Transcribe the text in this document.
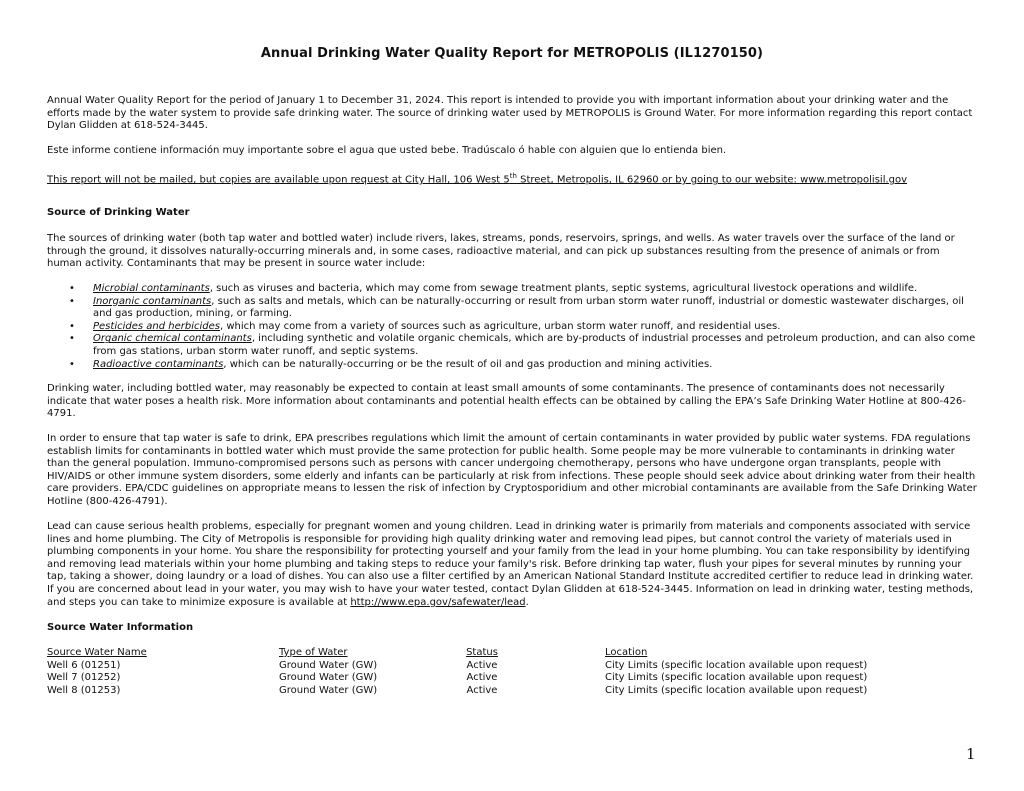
Annual Drinking Water Quality Report for METROPOLIS (IL1270150)
Annual Water Quality Report for the period of January 1 to December 31, 2024. This report is intended to provide you with important information about your drinking water and the efforts made by the water system to provide safe drinking water. The source of drinking water used by METROPOLIS is Ground Water. For more information regarding this report contact Dylan Glidden at 618-524-3445.
Este informe contiene información muy importante sobre el agua que usted bebe. Tradúscalo ó hable con alguien que lo entienda bien.
This report will not be mailed, but copies are available upon request at City Hall, 106 West 5th Street, Metropolis, IL 62960 or by going to our website: www.metropolisil.gov
Source of Drinking Water
The sources of drinking water (both tap water and bottled water) include rivers, lakes, streams, ponds, reservoirs, springs, and wells. As water travels over the surface of the land or through the ground, it dissolves naturally-occurring minerals and, in some cases, radioactive material, and can pick up substances resulting from the presence of animals or from human activity. Contaminants that may be present in source water include:
• Microbial contaminants, such as viruses and bacteria, which may come from sewage treatment plants, septic systems, agricultural livestock operations and wildlife.
• Inorganic contaminants, such as salts and metals, which can be naturally-occurring or result from urban storm water runoff, industrial or domestic wastewater discharges, oil and gas production, mining, or farming.
• Pesticides and herbicides, which may come from a variety of sources such as agriculture, urban storm water runoff, and residential uses.
• Organic chemical contaminants, including synthetic and volatile organic chemicals, which are by-products of industrial processes and petroleum production, and can also come from gas stations, urban storm water runoff, and septic systems.
• Radioactive contaminants, which can be naturally-occurring or be the result of oil and gas production and mining activities.
Drinking water, including bottled water, may reasonably be expected to contain at least small amounts of some contaminants. The presence of contaminants does not necessarily indicate that water poses a health risk. More information about contaminants and potential health effects can be obtained by calling the EPA’s Safe Drinking Water Hotline at 800-426-4791.
In order to ensure that tap water is safe to drink, EPA prescribes regulations which limit the amount of certain contaminants in water provided by public water systems. FDA regulations establish limits for contaminants in bottled water which must provide the same protection for public health. Some people may be more vulnerable to contaminants in drinking water than the general population. Immuno-compromised persons such as persons with cancer undergoing chemotherapy, persons who have undergone organ transplants, people with HIV/AIDS or other immune system disorders, some elderly and infants can be particularly at risk from infections. These people should seek advice about drinking water from their health care providers. EPA/CDC guidelines on appropriate means to lessen the risk of infection by Cryptosporidium and other microbial contaminants are available from the Safe Drinking Water Hotline (800-426-4791).
Lead can cause serious health problems, especially for pregnant women and young children. Lead in drinking water is primarily from materials and components associated with service lines and home plumbing. The City of Metropolis is responsible for providing high quality drinking water and removing lead pipes, but cannot control the variety of materials used in plumbing components in your home. You share the responsibility for protecting yourself and your family from the lead in your home plumbing. You can take responsibility by identifying and removing lead materials within your home plumbing and taking steps to reduce your family's risk. Before drinking tap water, flush your pipes for several minutes by running your tap, taking a shower, doing laundry or a load of dishes. You can also use a filter certified by an American National Standard Institute accredited certifier to reduce lead in drinking water. If you are concerned about lead in your water, you may wish to have your water tested, contact Dylan Glidden at 618-524-3445. Information on lead in drinking water, testing methods, and steps you can take to minimize exposure is available at http://www.epa.gov/safewater/lead.
Source Water Information
Source Water Name	Type of Water	Status	Location
Well 6 (01251)	Ground Water (GW)	Active	City Limits (specific location available upon request)
Well 7 (01252)	Ground Water (GW)	Active	City Limits (specific location available upon request)
Well 8 (01253)	Ground Water (GW)	Active	City Limits (specific location available upon request)
1
